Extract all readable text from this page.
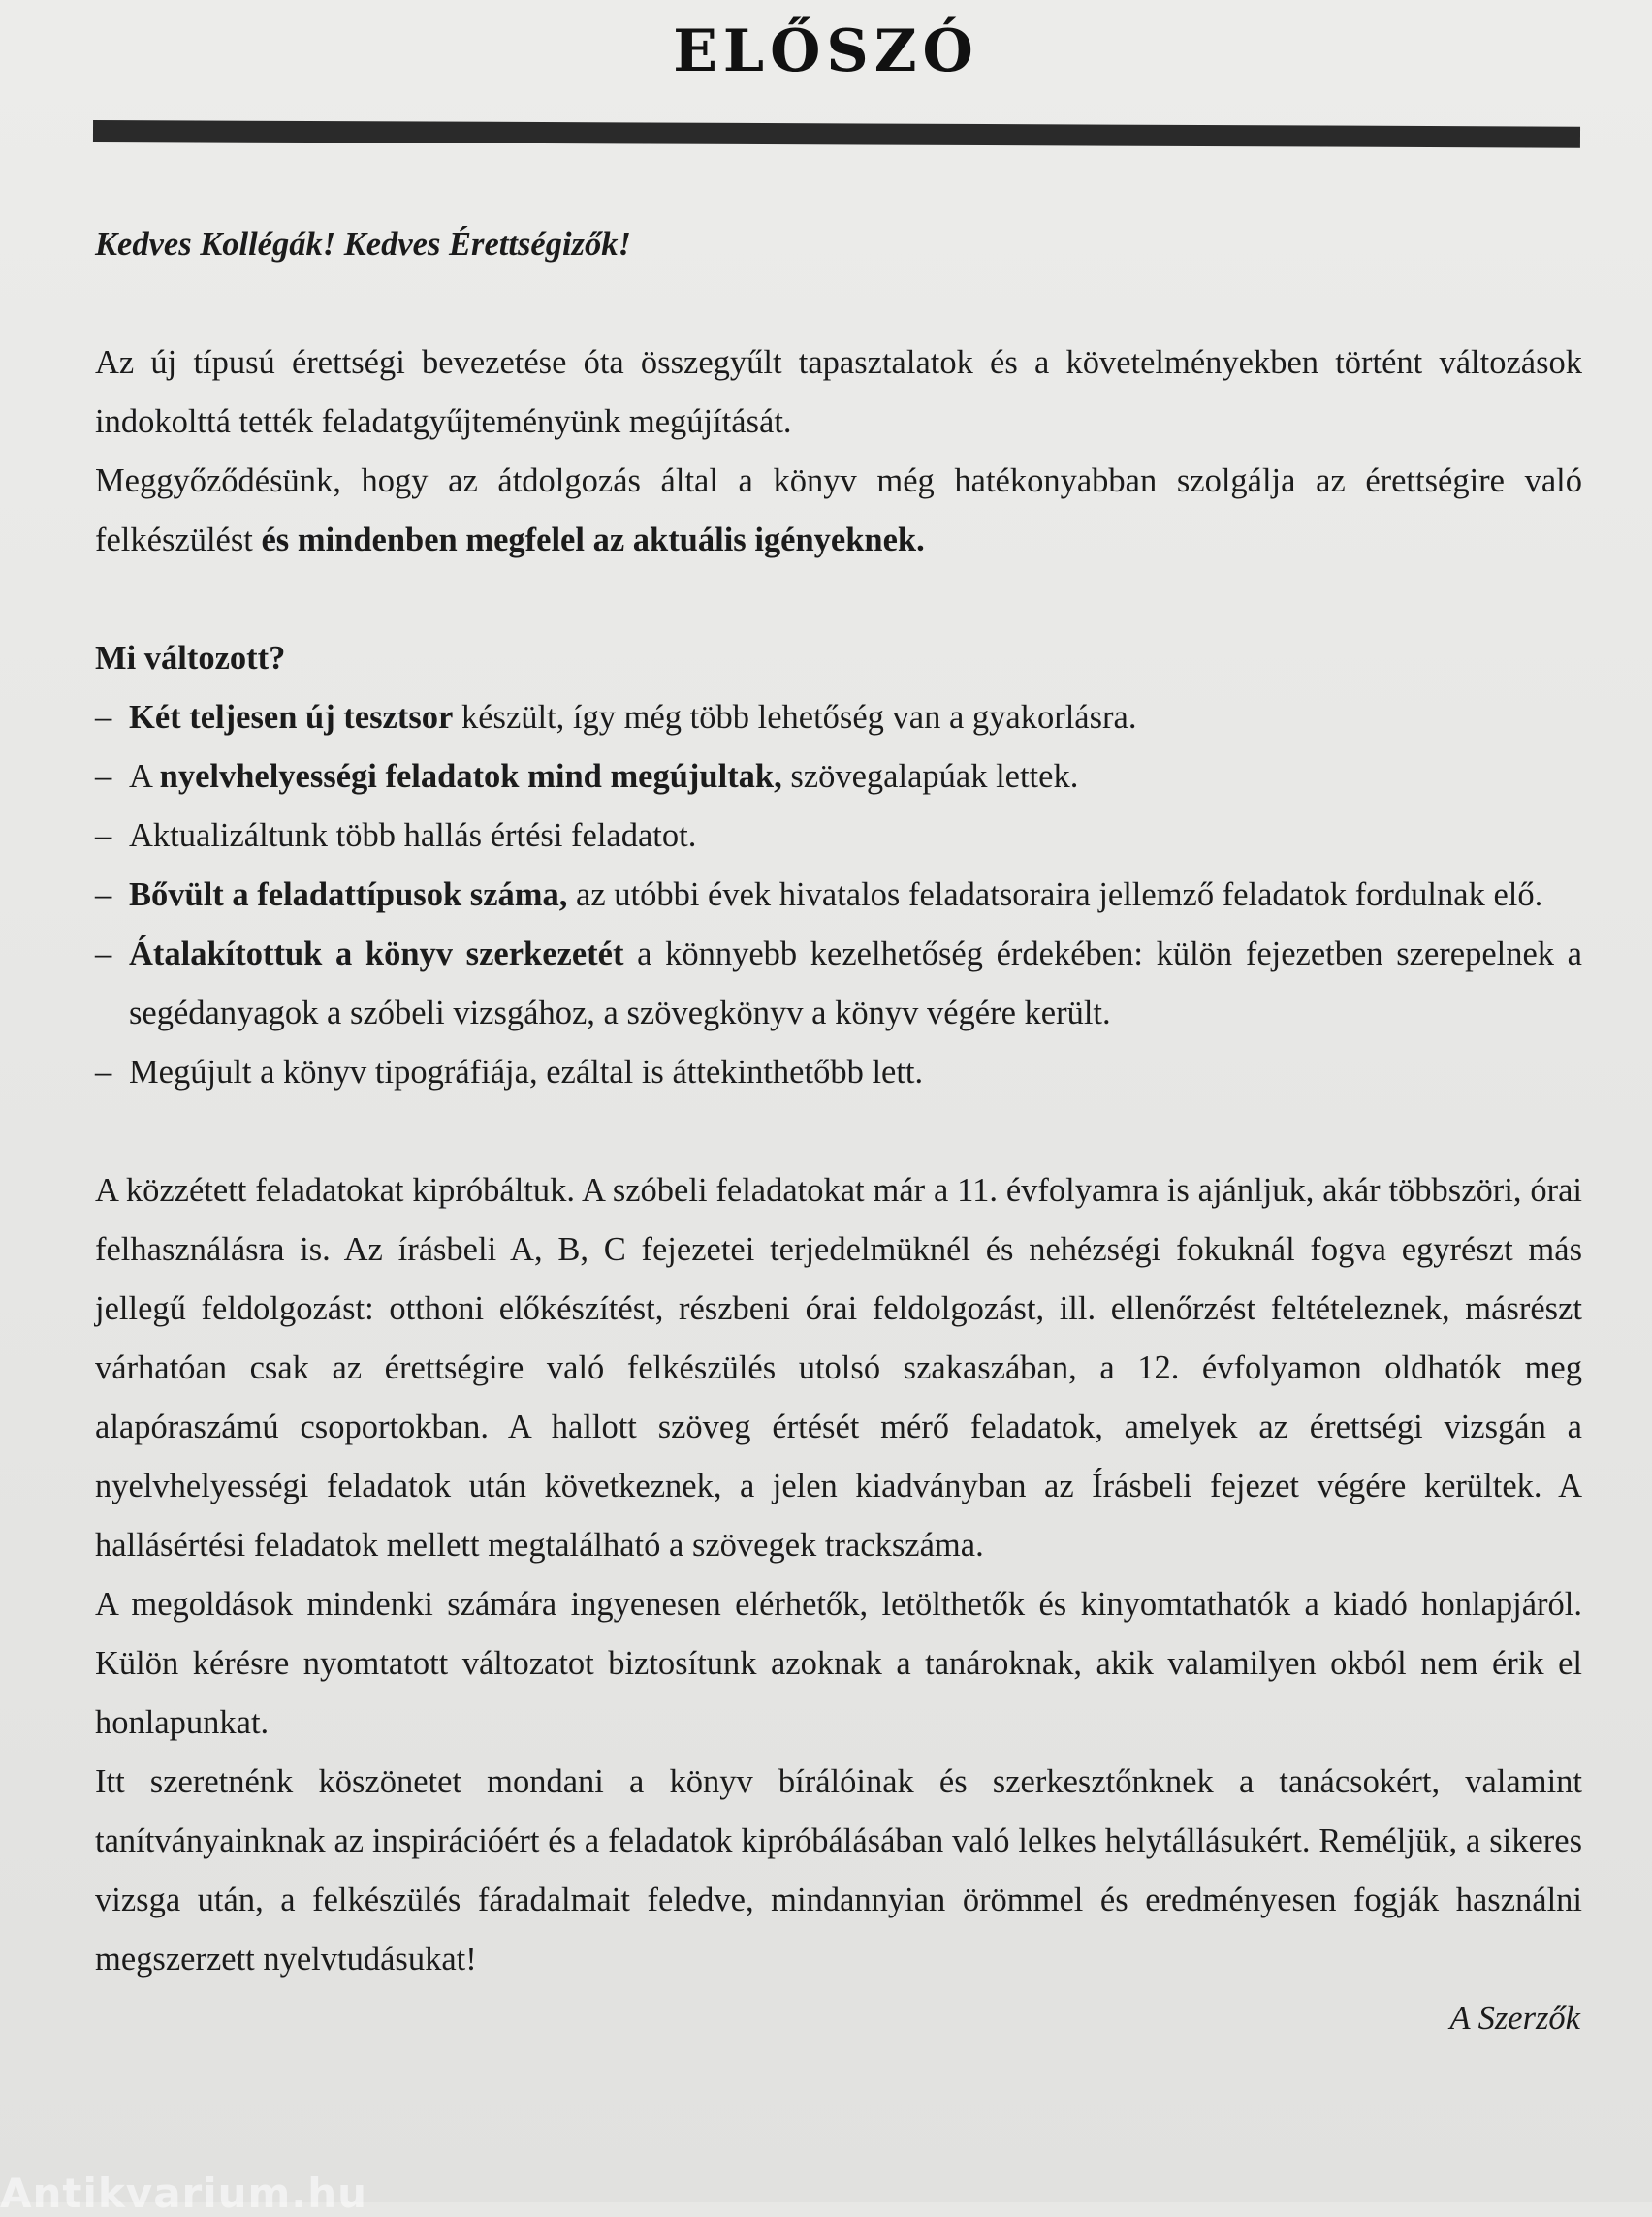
ELŐSZÓ

Kedves Kollégák! Kedves Érettségizők!

Az új típusú érettségi bevezetése óta összegyűlt tapasztalatok és a követelményekben történt változások indokolttá tették feladatgyűjteményünk megújítását.

Meggyőződésünk, hogy az átdolgozás által a könyv még hatékonyabban szolgálja az érettségire való felkészülést és mindenben megfelel az aktuális igényeknek.

Mi változott?

– Két teljesen új tesztsor készült, így még több lehetőség van a gyakorlásra.
– A nyelvhelyességi feladatok mind megújultak, szövegalapúak lettek.
– Aktualizáltunk több hallás értési feladatot.
– Bővült a feladattípusok száma, az utóbbi évek hivatalos feladatsoraira jellemző feladatok fordulnak elő.
– Átalakítottuk a könyv szerkezetét a könnyebb kezelhetőség érdekében: külön fejezetben szerepelnek a segédanyagok a szóbeli vizsgához, a szövegkönyv a könyv végére került.
– Megújult a könyv tipográfiája, ezáltal is áttekinthetőbb lett.

A közzétett feladatokat kipróbáltuk. A szóbeli feladatokat már a 11. évfolyamra is ajánljuk, akár többszöri, órai felhasználásra is. Az írásbeli A, B, C fejezetei terjedelmüknél és nehézségi fokuknál fogva egyrészt más jellegű feldolgozást: otthoni előkészítést, részbeni órai feldolgozást, ill. ellenőrzést feltételeznek, másrészt várhatóan csak az érettségire való felkészülés utolsó szakaszában, a 12. évfolyamon oldhatók meg alapóraszámú csoportokban. A hallott szöveg értését mérő feladatok, amelyek az érettségi vizsgán a nyelvhelyességi feladatok után következnek, a jelen kiadványban az Írásbeli fejezet végére kerültek. A hallásértési feladatok mellett megtalálható a szövegek trackszáma.

A megoldások mindenki számára ingyenesen elérhetők, letölthetők és kinyomtathatók a kiadó honlapjáról. Külön kérésre nyomtatott változatot biztosítunk azoknak a tanároknak, akik valamilyen okból nem érik el honlapunkat.

Itt szeretnénk köszönetet mondani a könyv bírálóinak és szerkesztőnknek a tanácsokért, valamint tanítványainknak az inspirációért és a feladatok kipróbálásában való lelkes helytállásukért. Reméljük, a sikeres vizsga után, a felkészülés fáradalmait feledve, mindannyian örömmel és eredményesen fogják használni megszerzett nyelvtudásukat!

A Szerzők

Antikvarium.hu
